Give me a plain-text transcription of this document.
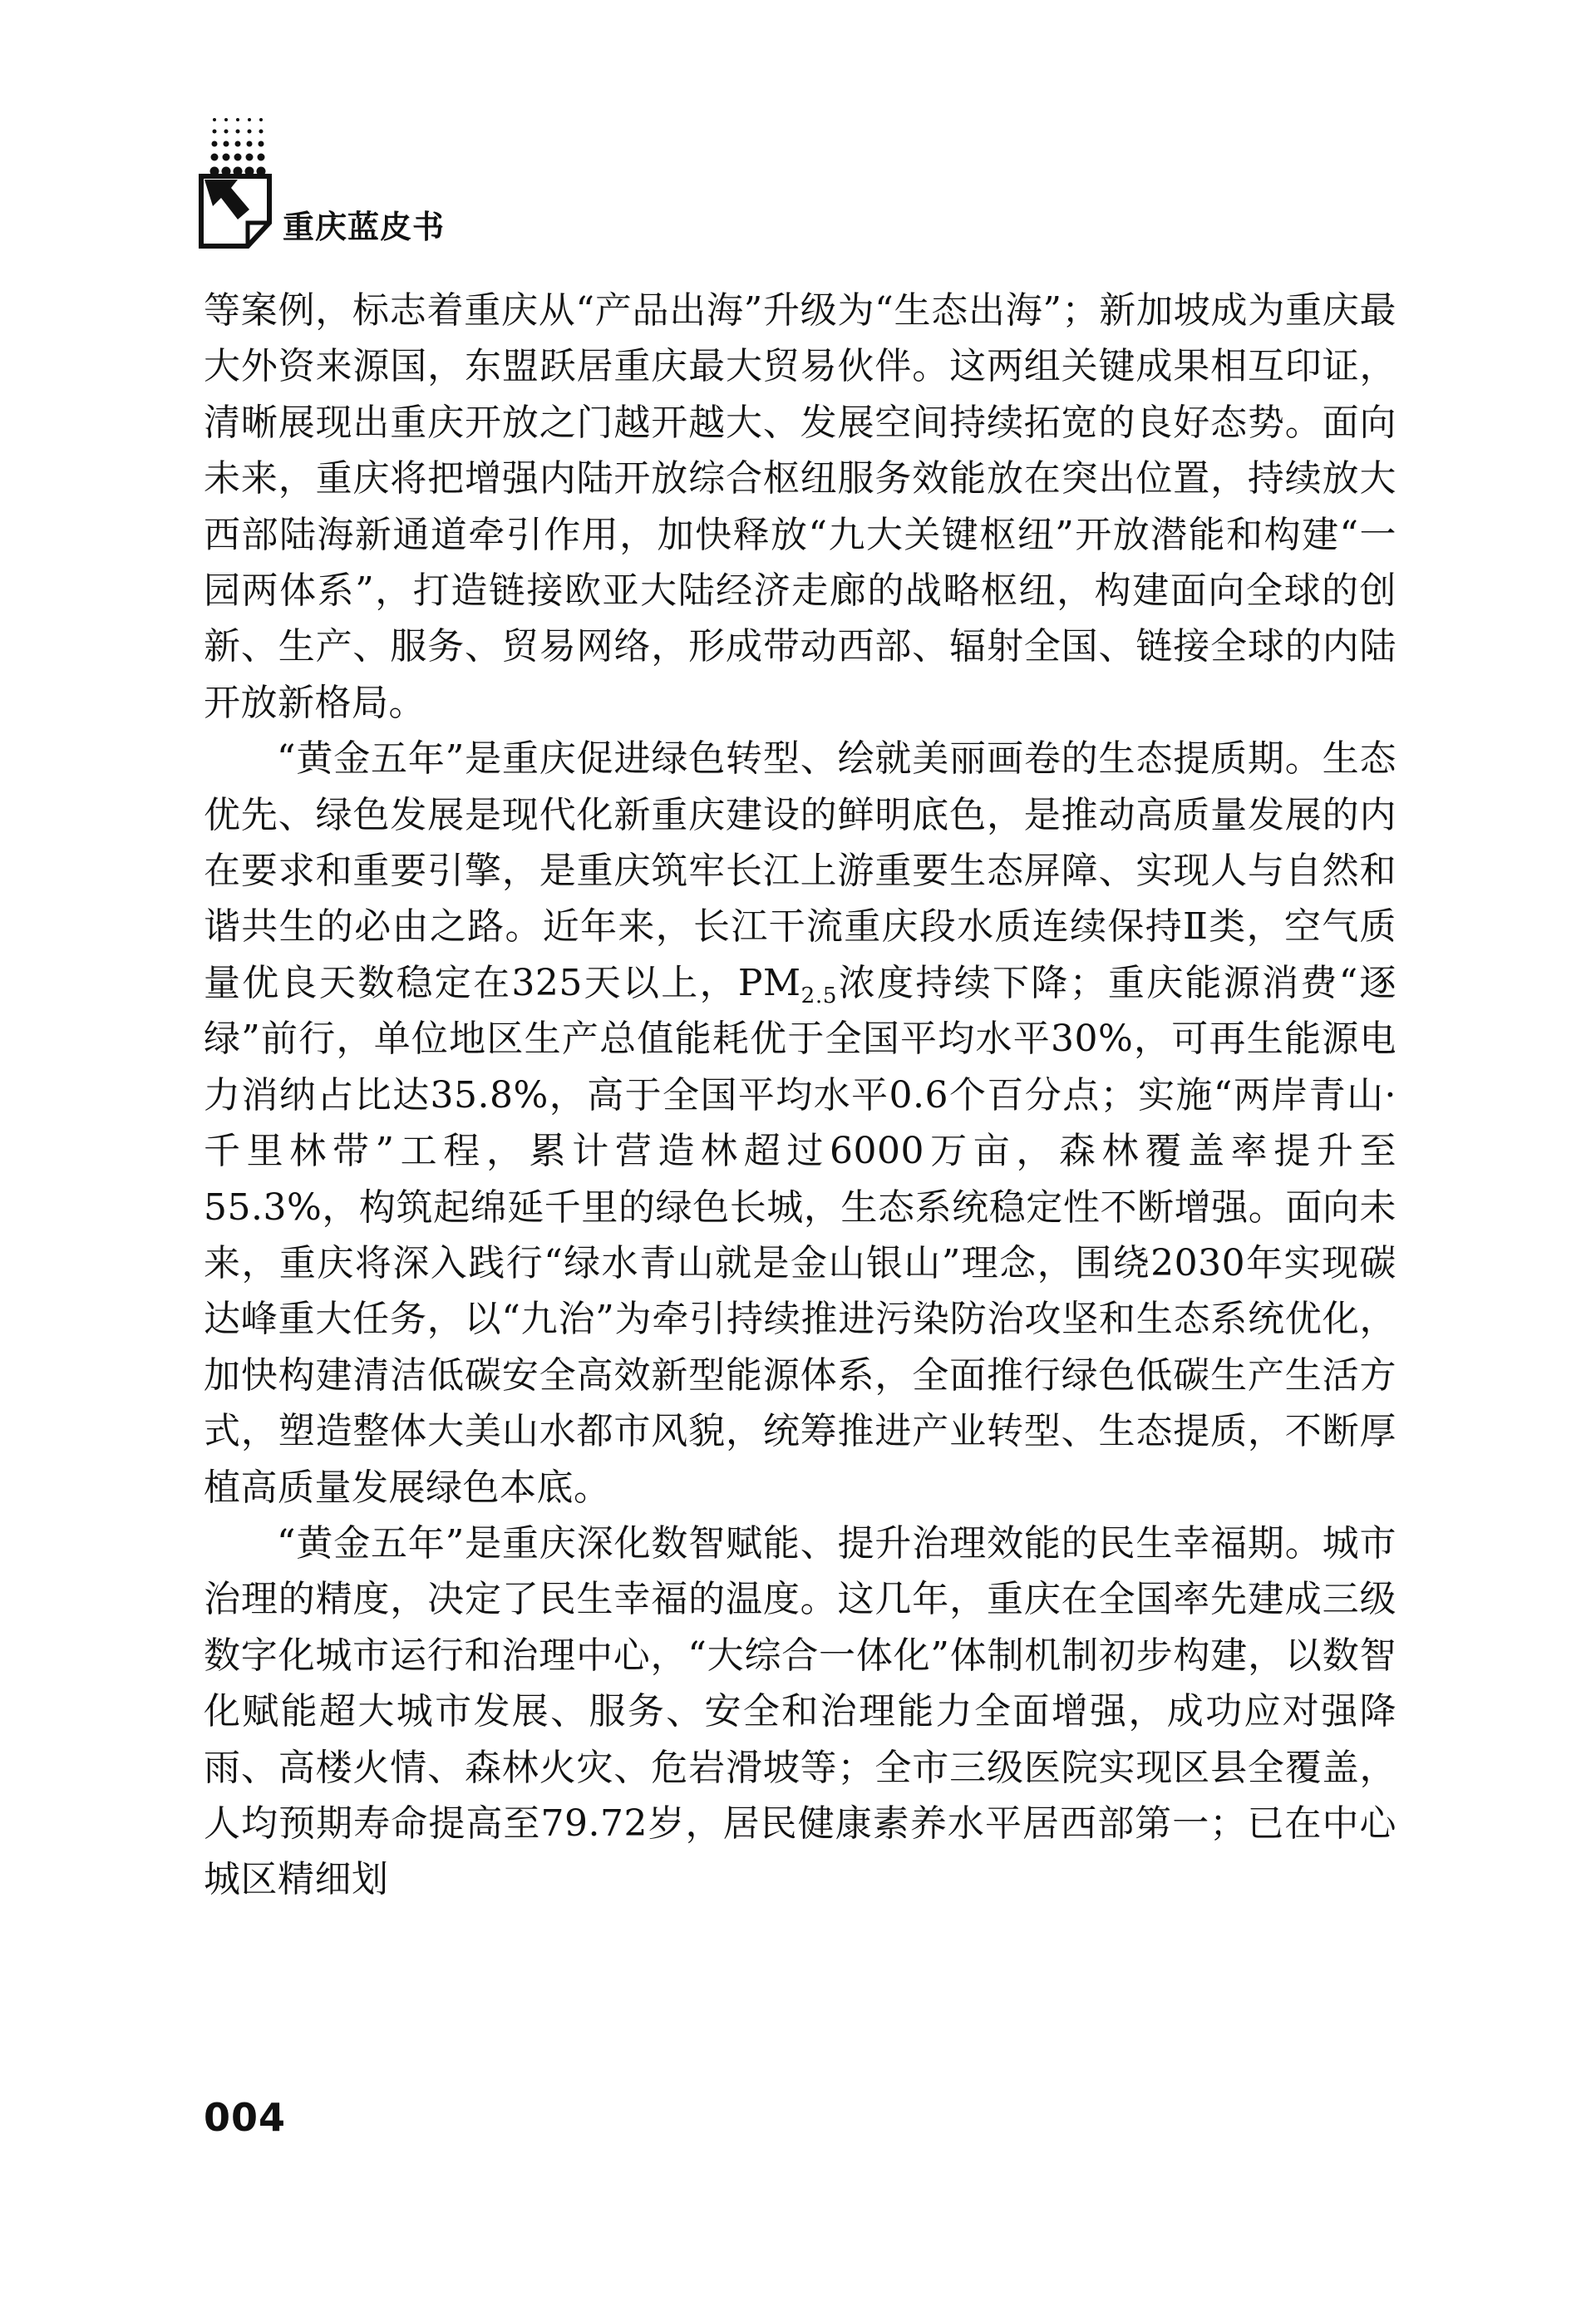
重庆蓝皮书

等案例，标志着重庆从“产品出海”升级为“生态出海”；新加坡成为重庆最大外资来源国，东盟跃居重庆最大贸易伙伴。这两组关键成果相互印证，清晰展现出重庆开放之门越开越大、发展空间持续拓宽的良好态势。面向未来，重庆将把增强内陆开放综合枢纽服务效能放在突出位置，持续放大西部陆海新通道牵引作用，加快释放“九大关键枢纽”开放潜能和构建“一园两体系”，打造链接欧亚大陆经济走廊的战略枢纽，构建面向全球的创新、生产、服务、贸易网络，形成带动西部、辐射全国、链接全球的内陆开放新格局。

“黄金五年”是重庆促进绿色转型、绘就美丽画卷的生态提质期。生态优先、绿色发展是现代化新重庆建设的鲜明底色，是推动高质量发展的内在要求和重要引擎，是重庆筑牢长江上游重要生态屏障、实现人与自然和谐共生的必由之路。近年来，长江干流重庆段水质连续保持Ⅱ类，空气质量优良天数稳定在325天以上，$PM_{2.5}$浓度持续下降；重庆能源消费“逐绿”前行，单位地区生产总值能耗优于全国平均水平30%，可再生能源电力消纳占比达35.8%，高于全国平均水平0.6个百分点；实施“两岸青山·千里林带”工程，累计营造林超过6000万亩，森林覆盖率提升至55.3%，构筑起绵延千里的绿色长城，生态系统稳定性不断增强。面向未来，重庆将深入践行“绿水青山就是金山银山”理念，围绕2030年实现碳达峰重大任务，以“九治”为牵引持续推进污染防治攻坚和生态系统优化，加快构建清洁低碳安全高效新型能源体系，全面推行绿色低碳生产生活方式，塑造整体大美山水都市风貌，统筹推进产业转型、生态提质，不断厚植高质量发展绿色本底。

“黄金五年”是重庆深化数智赋能、提升治理效能的民生幸福期。城市治理的精度，决定了民生幸福的温度。这几年，重庆在全国率先建成三级数字化城市运行和治理中心，“大综合一体化”体制机制初步构建，以数智化赋能超大城市发展、服务、安全和治理能力全面增强，成功应对强降雨、高楼火情、森林火灾、危岩滑坡等；全市三级医院实现区县全覆盖，人均预期寿命提高至79.72岁，居民健康素养水平居西部第一；已在中心城区精细划

004
